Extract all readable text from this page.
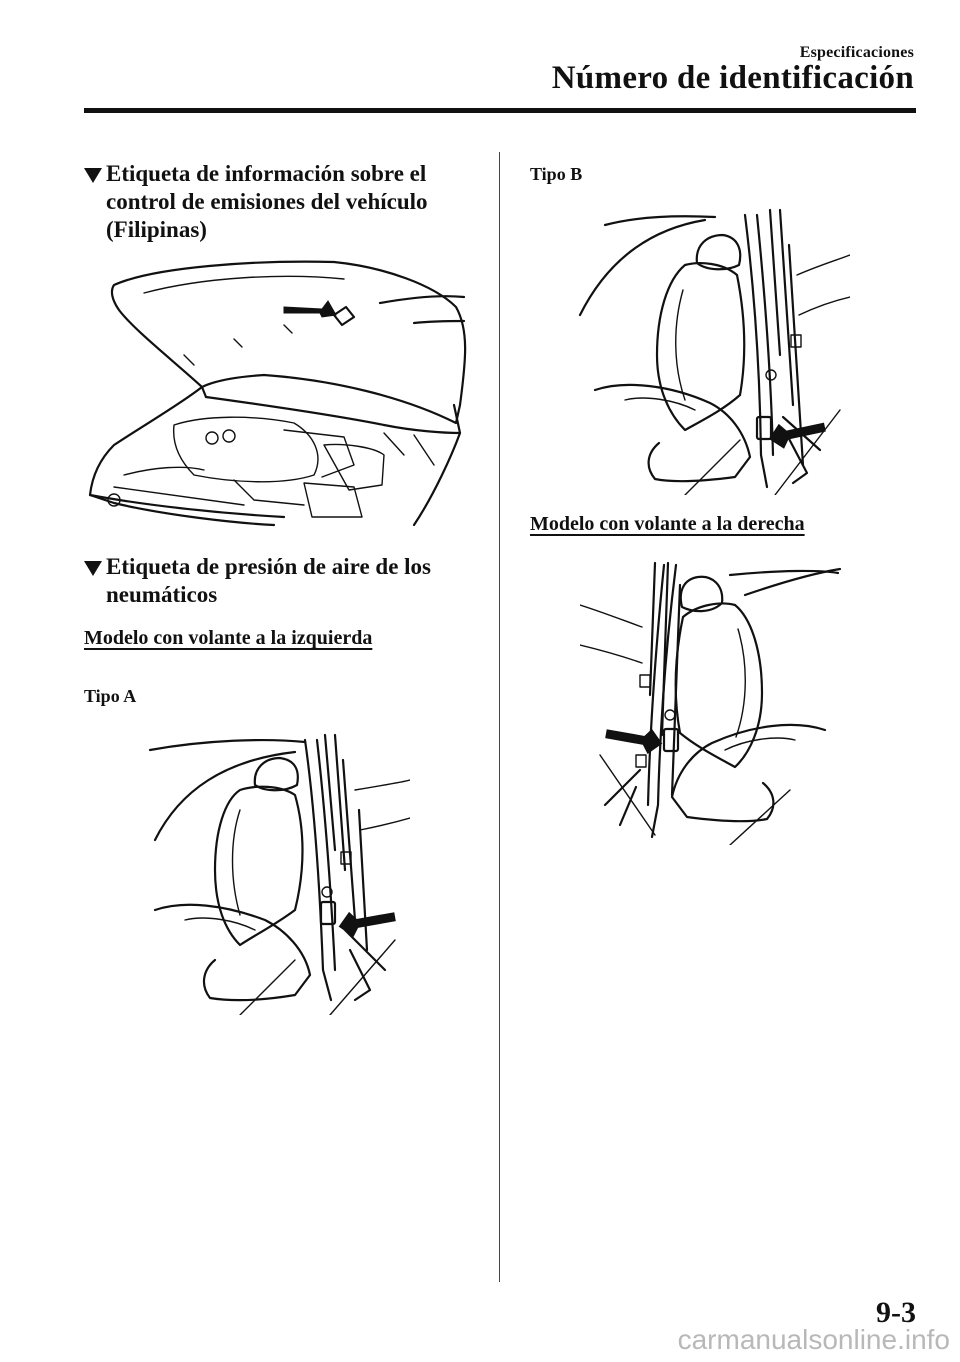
Especificaciones
Número de identificación
Etiqueta de información sobre el
control de emisiones del vehículo
(Filipinas)
Etiqueta de presión de aire de los
neumáticos
Modelo con volante a la izquierda
Tipo A
Tipo B
Modelo con volante a la derecha
9-3
carmanualsonline.info
